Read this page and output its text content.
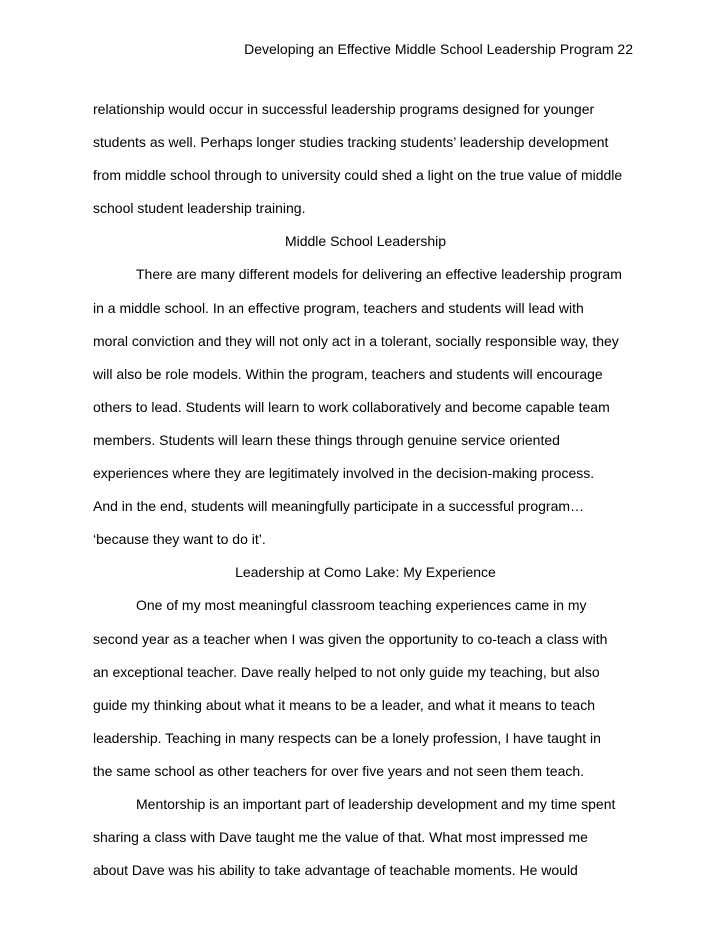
Developing an Effective Middle School Leadership Program 22
relationship would occur in successful leadership programs designed for younger
students as well. Perhaps longer studies tracking students’ leadership development
from middle school through to university could shed a light on the true value of middle
school student leadership training.
Middle School Leadership
There are many different models for delivering an effective leadership program
in a middle school. In an effective program, teachers and students will lead with
moral conviction and they will not only act in a tolerant, socially responsible way, they
will also be role models. Within the program, teachers and students will encourage
others to lead. Students will learn to work collaboratively and become capable team
members. Students will learn these things through genuine service oriented
experiences where they are legitimately involved in the decision-making process.
And in the end, students will meaningfully participate in a successful program…
‘because they want to do it’.
Leadership at Como Lake: My Experience
One of my most meaningful classroom teaching experiences came in my
second year as a teacher when I was given the opportunity to co-teach a class with
an exceptional teacher. Dave really helped to not only guide my teaching, but also
guide my thinking about what it means to be a leader, and what it means to teach
leadership. Teaching in many respects can be a lonely profession, I have taught in
the same school as other teachers for over five years and not seen them teach.
Mentorship is an important part of leadership development and my time spent
sharing a class with Dave taught me the value of that. What most impressed me
about Dave was his ability to take advantage of teachable moments. He would
